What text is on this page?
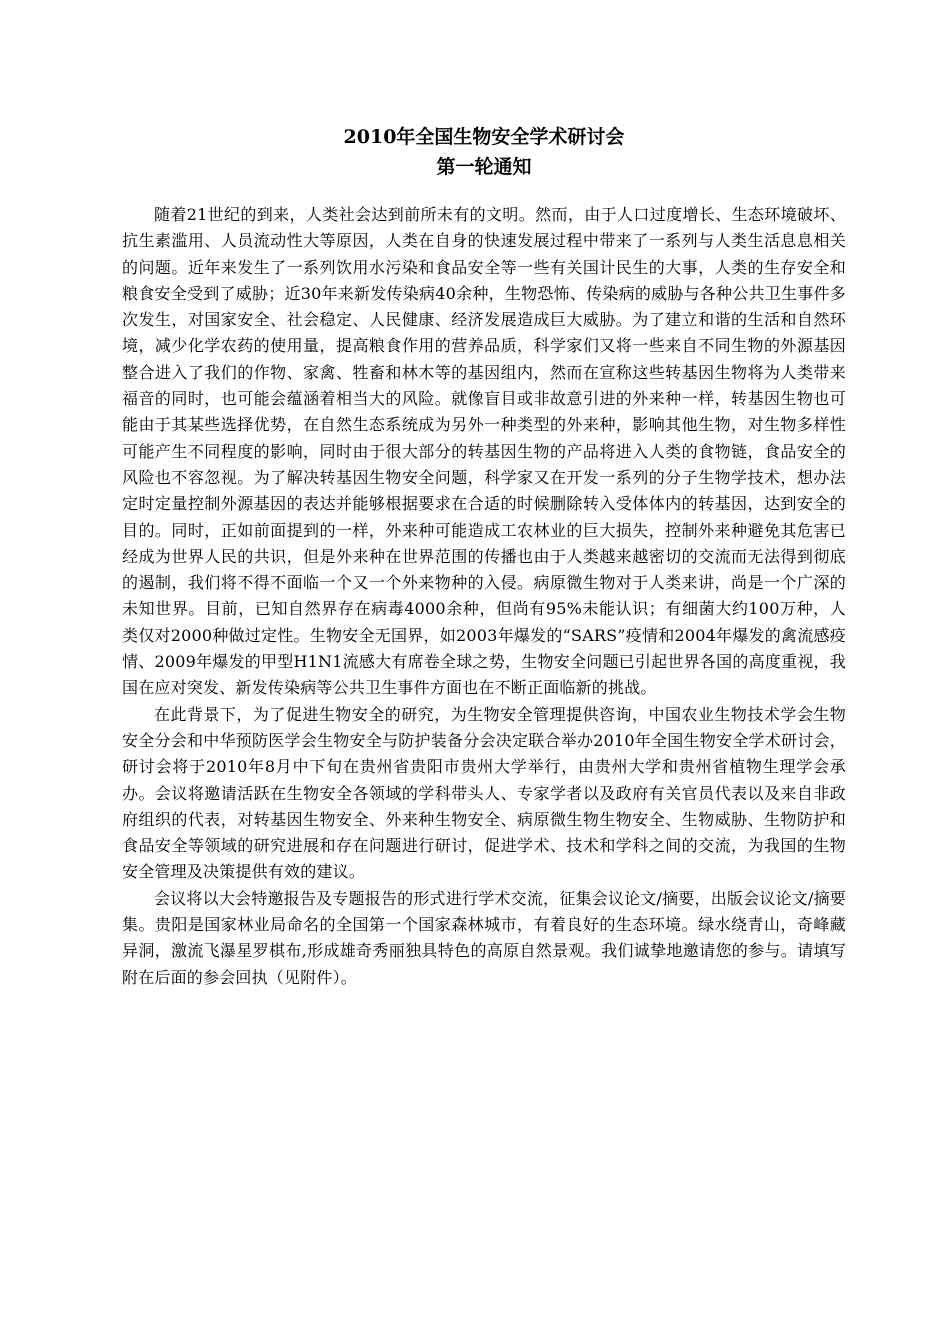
2010年全国生物安全学术研讨会
第一轮通知

随着21世纪的到来，人类社会达到前所未有的文明。然而，由于人口过度增长、生态环境破坏、抗生素滥用、人员流动性大等原因，人类在自身的快速发展过程中带来了一系列与人类生活息息相关的问题。近年来发生了一系列饮用水污染和食品安全等一些有关国计民生的大事，人类的生存安全和粮食安全受到了威胁；近30年来新发传染病40余种，生物恐怖、传染病的威胁与各种公共卫生事件多次发生，对国家安全、社会稳定、人民健康、经济发展造成巨大威胁。为了建立和谐的生活和自然环境，减少化学农药的使用量，提高粮食作用的营养品质，科学家们又将一些来自不同生物的外源基因整合进入了我们的作物、家禽、牲畜和林木等的基因组内，然而在宣称这些转基因生物将为人类带来福音的同时，也可能会蕴涵着相当大的风险。就像盲目或非故意引进的外来种一样，转基因生物也可能由于其某些选择优势，在自然生态系统成为另外一种类型的外来种，影响其他生物，对生物多样性可能产生不同程度的影响，同时由于很大部分的转基因生物的产品将进入人类的食物链，食品安全的风险也不容忽视。为了解决转基因生物安全问题，科学家又在开发一系列的分子生物学技术，想办法定时定量控制外源基因的表达并能够根据要求在合适的时候删除转入受体体内的转基因，达到安全的目的。同时，正如前面提到的一样，外来种可能造成工农林业的巨大损失，控制外来种避免其危害已经成为世界人民的共识，但是外来种在世界范围的传播也由于人类越来越密切的交流而无法得到彻底的遏制，我们将不得不面临一个又一个外来物种的入侵。病原微生物对于人类来讲，尚是一个广深的未知世界。目前，已知自然界存在病毒4000余种，但尚有95%未能认识；有细菌大约100万种，人类仅对2000种做过定性。生物安全无国界，如2003年爆发的“SARS”疫情和2004年爆发的禽流感疫情、2009年爆发的甲型H1N1流感大有席卷全球之势，生物安全问题已引起世界各国的高度重视，我国在应对突发、新发传染病等公共卫生事件方面也在不断正面临新的挑战。

在此背景下，为了促进生物安全的研究，为生物安全管理提供咨询，中国农业生物技术学会生物安全分会和中华预防医学会生物安全与防护装备分会决定联合举办2010年全国生物安全学术研讨会，研讨会将于2010年8月中下旬在贵州省贵阳市贵州大学举行，由贵州大学和贵州省植物生理学会承办。会议将邀请活跃在生物安全各领域的学科带头人、专家学者以及政府有关官员代表以及来自非政府组织的代表，对转基因生物安全、外来种生物安全、病原微生物生物安全、生物威胁、生物防护和食品安全等领域的研究进展和存在问题进行研讨，促进学术、技术和学科之间的交流，为我国的生物安全管理及决策提供有效的建议。

会议将以大会特邀报告及专题报告的形式进行学术交流，征集会议论文/摘要，出版会议论文/摘要集。贵阳是国家林业局命名的全国第一个国家森林城市，有着良好的生态环境。绿水绕青山，奇峰藏异洞，激流飞瀑星罗棋布,形成雄奇秀丽独具特色的高原自然景观。我们诚挚地邀请您的参与。请填写附在后面的参会回执（见附件）。
